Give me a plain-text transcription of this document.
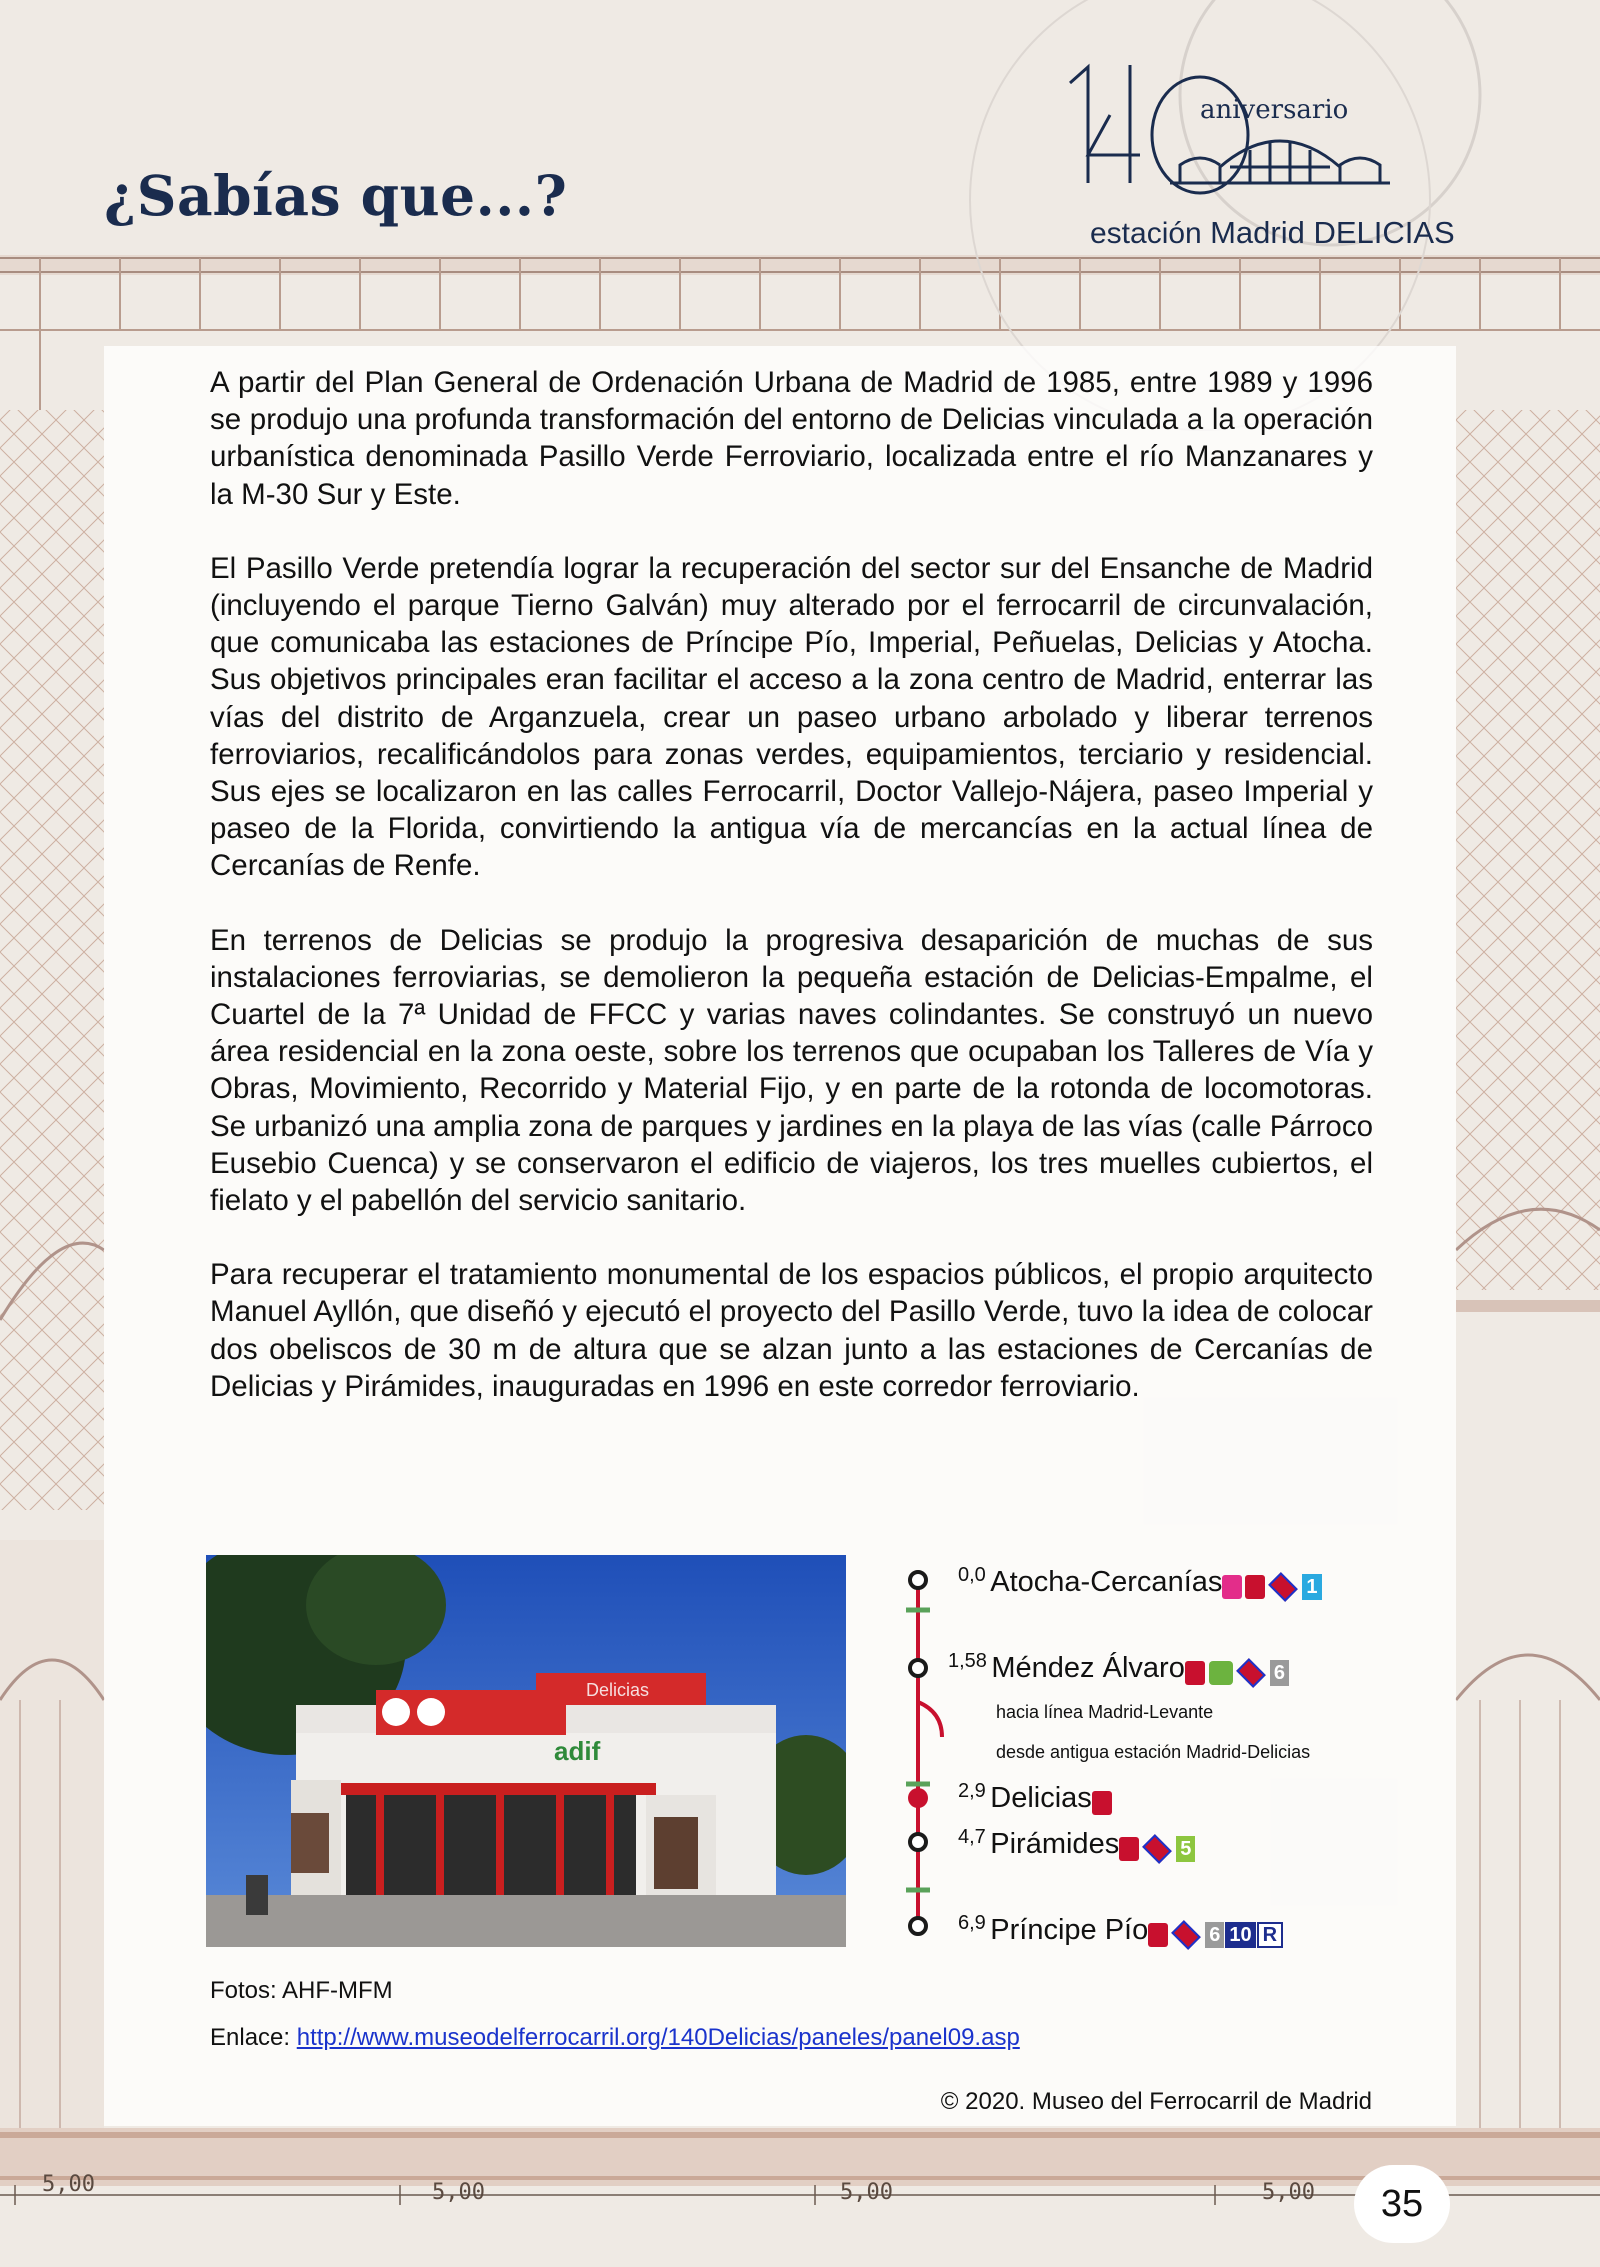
5,00	5,00	5,00	5,00
¿Sabías que...?
aniversario
estación Madrid DELICIAS

A partir del Plan General de Ordenación Urbana de Madrid de 1985, entre 1989 y 1996 se produjo una profunda transformación del entorno de Delicias vinculada a la operación urbanística denominada Pasillo Verde Ferroviario, localizada entre el río Manzanares y la M-30 Sur y Este.

El Pasillo Verde pretendía lograr la recuperación del sector sur del Ensanche de Madrid (incluyendo el parque Tierno Galván) muy alterado por el ferrocarril de circunvalación, que comunicaba las estaciones de Príncipe Pío, Imperial, Peñuelas, Delicias y Atocha. Sus objetivos principales eran facilitar el acceso a la zona centro de Madrid, enterrar las vías del distrito de Arganzuela, crear un paseo urbano arbolado y liberar terrenos ferroviarios, recalificándolos para zonas verdes, equipamientos, terciario y residencial. Sus ejes se localizaron en las calles Ferrocarril, Doctor Vallejo-Nájera, paseo Imperial y paseo de la Florida, convirtiendo la antigua vía de mercancías en la actual línea de Cercanías de Renfe.

En terrenos de Delicias se produjo la progresiva desaparición de muchas de sus instalaciones ferroviarias, se demolieron la pequeña estación de Delicias-Empalme, el Cuartel de la 7ª Unidad de FFCC y varias naves colindantes. Se construyó un nuevo área residencial en la zona oeste, sobre los terrenos que ocupaban los Talleres de Vía y Obras, Movimiento, Recorrido y Material Fijo, y en parte de la rotonda de locomotoras. Se urbanizó una amplia zona de parques y jardines en la playa de las vías (calle Párroco Eusebio Cuenca) y se conservaron el edificio de viajeros, los tres muelles cubiertos, el fielato y el pabellón del servicio sanitario.

Para recuperar el tratamiento monumental de los espacios públicos, el propio arquitecto Manuel Ayllón, que diseñó y ejecutó el proyecto del Pasillo Verde, tuvo la idea de colocar dos obeliscos de 30 m de altura que se alzan junto a las estaciones de Cercanías de Delicias y Pirámides, inauguradas en 1996 en este corredor ferroviario.

Delicias
adif
0,0 Atocha-Cercanías	1
1,58 Méndez Álvaro	6
hacia línea Madrid-Levante
desde antigua estación Madrid-Delicias
2,9 Delicias
4,7 Pirámides	5
6,9 Príncipe Pío	6 10 R
Fotos: AHF-MFM
Enlace: http://www.museodelferrocarril.org/140Delicias/paneles/panel09.asp
© 2020. Museo del Ferrocarril de Madrid
35
